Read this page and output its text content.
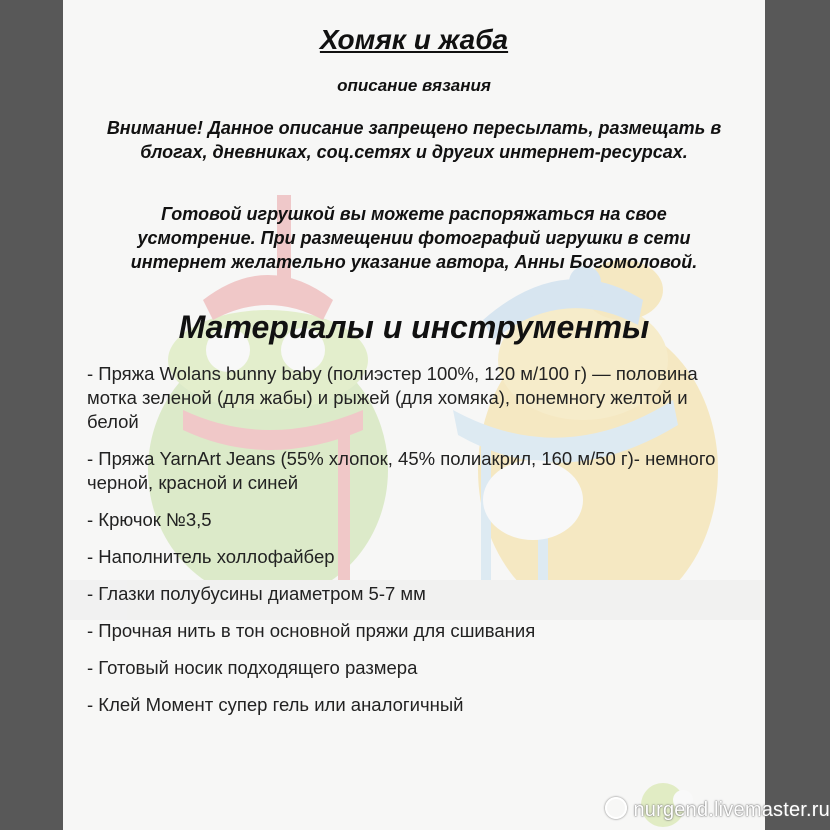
Хомяк и жаба
описание вязания
Внимание! Данное описание запрещено пересылать, размещать в блогах, дневниках, соц.сетях и других интернет-ресурсах.
Готовой игрушкой вы можете распоряжаться на свое усмотрение. При размещении фотографий игрушки в сети интернет желательно указание автора, Анны Богомоловой.
Материалы и инструменты
- Пряжа Wolans bunny baby (полиэстер 100%, 120 м/100 г) — половина мотка зеленой (для жабы) и рыжей (для хомяка), понемногу желтой и белой
- Пряжа YarnArt Jeans (55% хлопок, 45% полиакрил, 160 м/50 г)- немного черной, красной и синей
- Крючок №3,5
- Наполнитель холлофайбер
- Глазки полубусины диаметром 5-7 мм
- Прочная нить в тон основной пряжи для сшивания
- Готовый носик подходящего размера
- Клей Момент супер гель или аналогичный
nurgend.livemaster.ru
